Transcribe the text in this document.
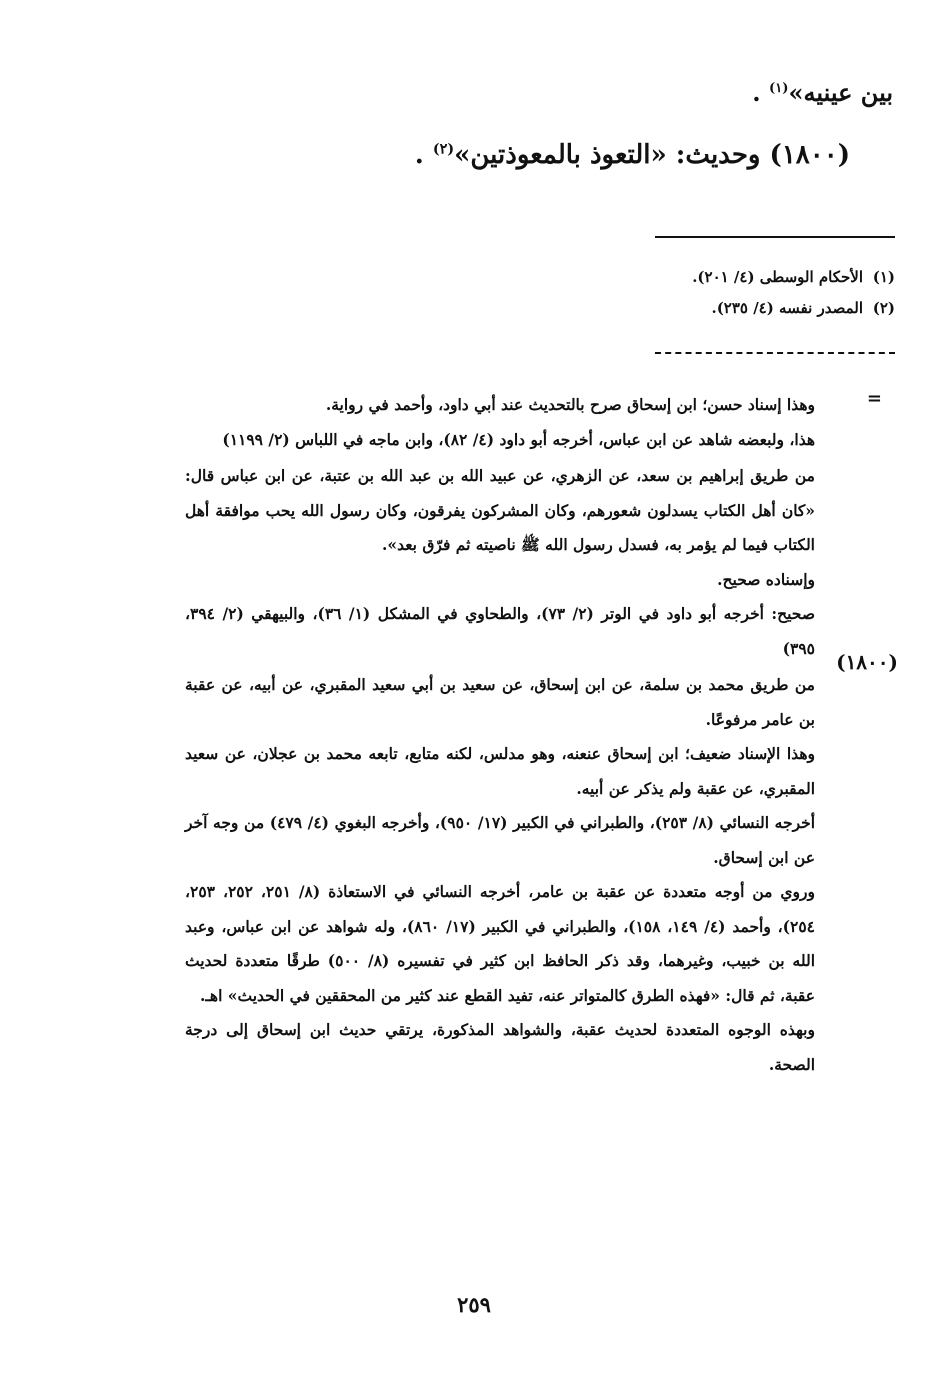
بين عينيه»$^{(١)}$ .
(١٨٠٠) وحديث: «التعوذ بالمعوذتين»$^{(٢)}$ .
(١)الأحكام الوسطى (٤/ ٢٠١).
(٢)المصدر نفسه (٤/ ٢٣٥).
=
(١٨٠٠)

وهذا إسناد حسن؛ ابن إسحاق صرح بالتحديث عند أبي داود، وأحمد في رواية.

هذا، ولبعضه شاهد عن ابن عباس، أخرجه أبو داود (٤/ ٨٢)، وابن ماجه في اللباس (٢/ ١١٩٩)

من طريق إبراهيم بن سعد، عن الزهري، عن عبيد الله بن عبد الله بن عتبة، عن ابن عباس قال: «كان أهل الكتاب يسدلون شعورهم، وكان المشركون يفرقون، وكان رسول الله يحب موافقة أهل الكتاب فيما لم يؤمر به، فسدل رسول الله ﷺ ناصيته ثم فرّق بعد».

وإسناده صحيح.

صحيح: أخرجه أبو داود في الوتر (٢/ ٧٣)، والطحاوي في المشكل (١/ ٣٦)، والبيهقي (٢/ ٣٩٤، ٣٩٥)

من طريق محمد بن سلمة، عن ابن إسحاق، عن سعيد بن أبي سعيد المقبري، عن أبيه، عن عقبة بن عامر مرفوعًا.

وهذا الإسناد ضعيف؛ ابن إسحاق عنعنه، وهو مدلس، لكنه متابع، تابعه محمد بن عجلان، عن سعيد المقبري، عن عقبة ولم يذكر عن أبيه.

أخرجه النسائي (٨/ ٢٥٣)، والطبراني في الكبير (١٧/ ٩٥٠)، وأخرجه البغوي (٤/ ٤٧٩) من وجه آخر عن ابن إسحاق.

وروي من أوجه متعددة عن عقبة بن عامر، أخرجه النسائي في الاستعاذة (٨/ ٢٥١، ٢٥٢، ٢٥٣، ٢٥٤)، وأحمد (٤/ ١٤٩، ١٥٨)، والطبراني في الكبير (١٧/ ٨٦٠)، وله شواهد عن ابن عباس، وعبد الله بن خبيب، وغيرهما، وقد ذكر الحافظ ابن كثير في تفسيره (٨/ ٥٠٠) طرقًا متعددة لحديث عقبة، ثم قال: «فهذه الطرق كالمتواتر عنه، تفيد القطع عند كثير من المحققين في الحديث» اهـ.

وبهذه الوجوه المتعددة لحديث عقبة، والشواهد المذكورة، يرتقي حديث ابن إسحاق إلى درجة الصحة.

٢٥٩
